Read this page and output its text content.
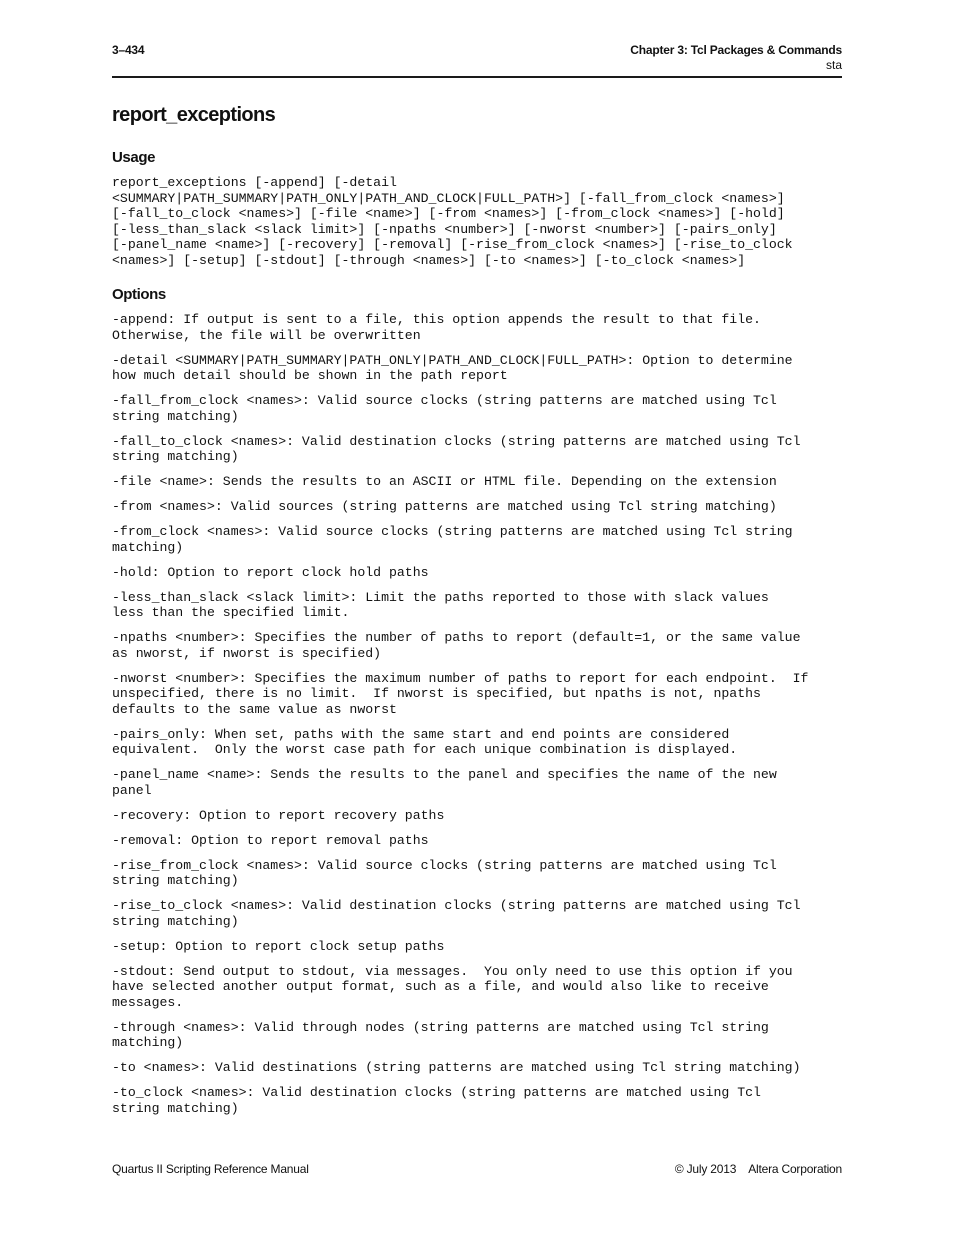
3–434	Chapter 3: Tcl Packages & Commands
sta
report_exceptions
Usage
report_exceptions [-append] [-detail
<SUMMARY|PATH_SUMMARY|PATH_ONLY|PATH_AND_CLOCK|FULL_PATH>] [-fall_from_clock <names>]
[-fall_to_clock <names>] [-file <name>] [-from <names>] [-from_clock <names>] [-hold]
[-less_than_slack <slack limit>] [-npaths <number>] [-nworst <number>] [-pairs_only]
[-panel_name <name>] [-recovery] [-removal] [-rise_from_clock <names>] [-rise_to_clock
<names>] [-setup] [-stdout] [-through <names>] [-to <names>] [-to_clock <names>]
Options
-append: If output is sent to a file, this option appends the result to that file.
Otherwise, the file will be overwritten
-detail <SUMMARY|PATH_SUMMARY|PATH_ONLY|PATH_AND_CLOCK|FULL_PATH>: Option to determine
how much detail should be shown in the path report
-fall_from_clock <names>: Valid source clocks (string patterns are matched using Tcl
string matching)
-fall_to_clock <names>: Valid destination clocks (string patterns are matched using Tcl
string matching)
-file <name>: Sends the results to an ASCII or HTML file. Depending on the extension
-from <names>: Valid sources (string patterns are matched using Tcl string matching)
-from_clock <names>: Valid source clocks (string patterns are matched using Tcl string
matching)
-hold: Option to report clock hold paths
-less_than_slack <slack limit>: Limit the paths reported to those with slack values
less than the specified limit.
-npaths <number>: Specifies the number of paths to report (default=1, or the same value
as nworst, if nworst is specified)
-nworst <number>: Specifies the maximum number of paths to report for each endpoint.  If
unspecified, there is no limit.  If nworst is specified, but npaths is not, npaths
defaults to the same value as nworst
-pairs_only: When set, paths with the same start and end points are considered
equivalent.  Only the worst case path for each unique combination is displayed.
-panel_name <name>: Sends the results to the panel and specifies the name of the new
panel
-recovery: Option to report recovery paths
-removal: Option to report removal paths
-rise_from_clock <names>: Valid source clocks (string patterns are matched using Tcl
string matching)
-rise_to_clock <names>: Valid destination clocks (string patterns are matched using Tcl
string matching)
-setup: Option to report clock setup paths
-stdout: Send output to stdout, via messages.  You only need to use this option if you
have selected another output format, such as a file, and would also like to receive
messages.
-through <names>: Valid through nodes (string patterns are matched using Tcl string
matching)
-to <names>: Valid destinations (string patterns are matched using Tcl string matching)
-to_clock <names>: Valid destination clocks (string patterns are matched using Tcl
string matching)
Quartus II Scripting Reference Manual	© July 2013 Altera Corporation
